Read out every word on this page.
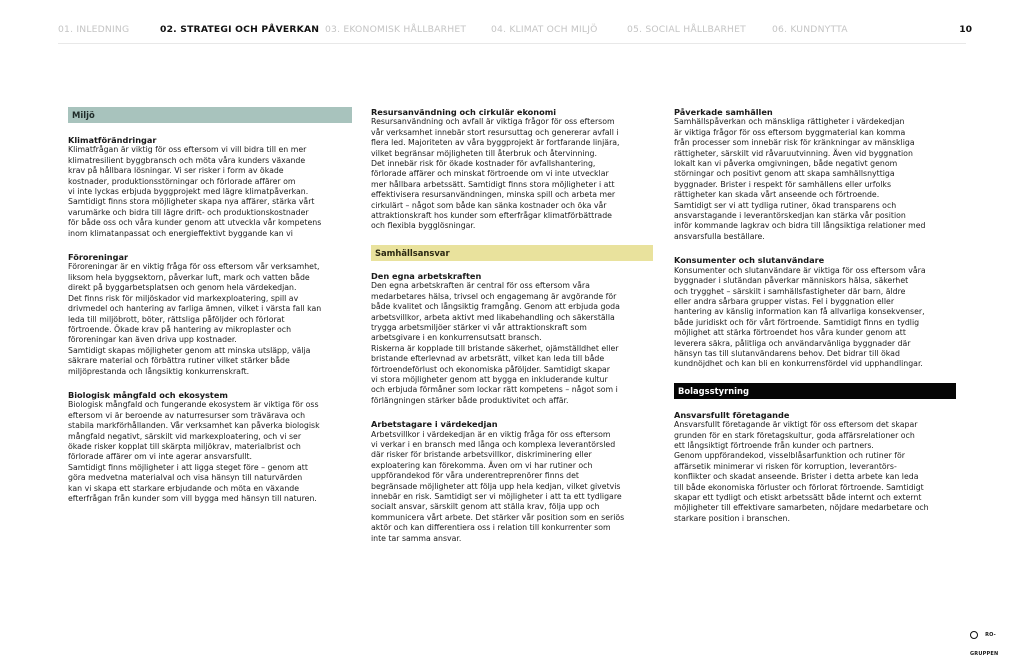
01. INLEDNING	02. STRATEGI OCH PÅVERKAN 03. EKONOMISK HÅLLBARHET	04. KLIMAT OCH MILJÖ	05. SOCIAL HÅLLBARHET	06. KUNDNYTTA	10
Miljö

Klimatförändringar

Klimatfrågan är viktig för oss eftersom vi vill bidra till en mer
klimatresilient byggbransch och möta våra kunders växande
krav på hållbara lösningar. Vi ser risker i form av ökade
kostnader, produktionsstörningar och förlorade affärer om
vi inte lyckas erbjuda byggprojekt med lägre klimatpåverkan.
Samtidigt finns stora möjligheter skapa nya affärer, stärka vårt
varumärke och bidra till lägre drift- och produktionskostnader
för både oss och våra kunder genom att utveckla vår kompetens
inom klimatanpassat och energieffektivt byggande kan vi

Föroreningar

Föroreningar är en viktig fråga för oss eftersom vår verksamhet,
liksom hela byggsektorn, påverkar luft, mark och vatten både
direkt på byggarbetsplatsen och genom hela värdekedjan.
Det finns risk för miljöskador vid markexploatering, spill av
drivmedel och hantering av farliga ämnen, vilket i värsta fall kan
leda till miljöbrott, böter, rättsliga påföljder och förlorat
förtroende. Ökade krav på hantering av mikroplaster och
föroreningar kan även driva upp kostnader.
Samtidigt skapas möjligheter genom att minska utsläpp, välja
säkrare material och förbättra rutiner vilket stärker både
miljöprestanda och långsiktig konkurrenskraft.

Biologisk mångfald och ekosystem

Biologisk mångfald och fungerande ekosystem är viktiga för oss
eftersom vi är beroende av naturresurser som trävärava och
stabila markförhållanden. Vår verksamhet kan påverka biologisk
mångfald negativt, särskilt vid markexploatering, och vi ser
ökade risker kopplat till skärpta miljökrav, materialbrist och
förlorade affärer om vi inte agerar ansvarsfullt.
Samtidigt finns möjligheter i att ligga steget före – genom att
göra medvetna materialval och visa hänsyn till naturvärden
kan vi skapa ett starkare erbjudande och möta en växande
efterfrågan från kunder som vill bygga med hänsyn till naturen.

Resursanvändning och cirkulär ekonomi

Resursanvändning och avfall är viktiga frågor för oss eftersom
vår verksamhet innebär stort resursuttag och genererar avfall i
flera led. Majoriteten av våra byggprojekt är fortfarande linjära,
vilket begränsar möjligheten till återbruk och återvinning.
Det innebär risk för ökade kostnader för avfallshantering,
förlorade affärer och minskat förtroende om vi inte utvecklar
mer hållbara arbetssätt. Samtidigt finns stora möjligheter i att
effektivisera resursanvändningen, minska spill och arbeta mer
cirkulärt – något som både kan sänka kostnader och öka vår
attraktionskraft hos kunder som efterfrågar klimatförbättrade
och flexibla bygglösningar.

Samhällsansvar

Den egna arbetskraften

Den egna arbetskraften är central för oss eftersom våra
medarbetares hälsa, trivsel och engagemang är avgörande för
både kvalitet och långsiktig framgång. Genom att erbjuda goda
arbetsvillkor, arbeta aktivt med likabehandling och säkerställa
trygga arbetsmiljöer stärker vi vår attraktionskraft som
arbetsgivare i en konkurrensutsatt bransch.
Riskerna är kopplade till bristande säkerhet, ojämställdhet eller
bristande efterlevnad av arbetsrätt, vilket kan leda till både
förtroendeförlust och ekonomiska påföljder. Samtidigt skapar
vi stora möjligheter genom att bygga en inkluderande kultur
och erbjuda förmåner som lockar rätt kompetens – något som i
förlängningen stärker både produktivitet och affär.

Arbetstagare i värdekedjan

Arbetsvillkor i värdekedjan är en viktig fråga för oss eftersom
vi verkar i en bransch med långa och komplexa leverantörsled
där risker för bristande arbetsvillkor, diskriminering eller
exploatering kan förekomma. Även om vi har rutiner och
uppförandekod för våra underentreprenörer finns det
begränsade möjligheter att följa upp hela kedjan, vilket givetvis
innebär en risk. Samtidigt ser vi möjligheter i att ta ett tydligare
socialt ansvar, särskilt genom att ställa krav, följa upp och
kommunicera vårt arbete. Det stärker vår position som en seriös
aktör och kan differentiera oss i relation till konkurrenter som
inte tar samma ansvar.

Påverkade samhällen

Samhällspåverkan och mänskliga rättigheter i värdekedjan
är viktiga frågor för oss eftersom byggmaterial kan komma
från processer som innebär risk för kränkningar av mänskliga
rättigheter, särskilt vid råvaruutvinning. Även vid byggnation
lokalt kan vi påverka omgivningen, både negativt genom
störningar och positivt genom att skapa samhällsnyttiga
byggnader. Brister i respekt för samhällens eller urfolks
rättigheter kan skada vårt anseende och förtroende.
Samtidigt ser vi att tydliga rutiner, ökad transparens och
ansvarstagande i leverantörskedjan kan stärka vår position
inför kommande lagkrav och bidra till långsiktiga relationer med
ansvarsfulla beställare.

Konsumenter och slutanvändare

Konsumenter och slutanvändare är viktiga för oss eftersom våra
byggnader i slutändan påverkar människors hälsa, säkerhet
och trygghet – särskilt i samhällsfastigheter där barn, äldre
eller andra sårbara grupper vistas. Fel i byggnation eller
hantering av känslig information kan få allvarliga konsekvenser,
både juridiskt och för vårt förtroende. Samtidigt finns en tydlig
möjlighet att stärka förtroendet hos våra kunder genom att
leverera säkra, pålitliga och användarvänliga byggnader där
hänsyn tas till slutanvändarens behov. Det bidrar till ökad
kundnöjdhet och kan bli en konkurrensfördel vid upphandlingar.

Bolagsstyrning

Ansvarsfullt företagande

Ansvarsfullt företagande är viktigt för oss eftersom det skapar
grunden för en stark företagskultur, goda affärsrelationer och
ett långsiktigt förtroende från kunder och partners.
Genom uppförandekod, visselblåsarfunktion och rutiner för
affärsetik minimerar vi risken för korruption, leverantörs-
konflikter och skadat anseende. Brister i detta arbete kan leda
till både ekonomiska förluster och förlorat förtroende. Samtidigt
skapar ett tydligt och etiskt arbetssätt både internt och externt
möjligheter till effektivare samarbeten, nöjdare medarbetare och
starkare position i branschen.

RO-GRUPPEN
